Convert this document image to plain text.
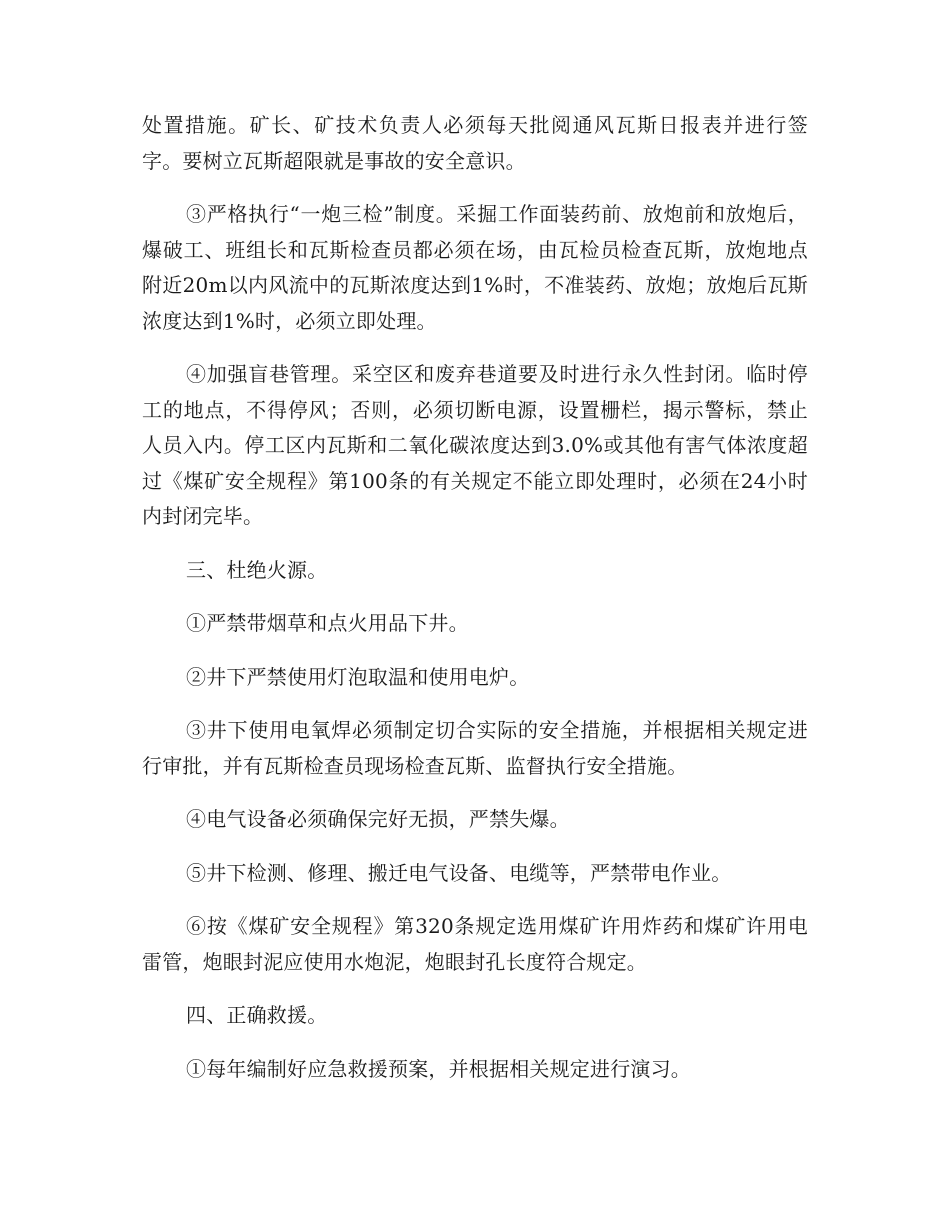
处置措施。矿长、矿技术负责人必须每天批阅通风瓦斯日报表并进行签字。要树立瓦斯超限就是事故的安全意识。

③严格执行“一炮三检”制度。采掘工作面装药前、放炮前和放炮后，爆破工、班组长和瓦斯检查员都必须在场，由瓦检员检查瓦斯，放炮地点附近20m以内风流中的瓦斯浓度达到1%时，不准装药、放炮；放炮后瓦斯浓度达到1%时，必须立即处理。

④加强盲巷管理。采空区和废弃巷道要及时进行永久性封闭。临时停工的地点，不得停风；否则，必须切断电源，设置栅栏，揭示警标，禁止人员入内。停工区内瓦斯和二氧化碳浓度达到3.0%或其他有害气体浓度超过《煤矿安全规程》第100条的有关规定不能立即处理时，必须在24小时内封闭完毕。

三、杜绝火源。

①严禁带烟草和点火用品下井。

②井下严禁使用灯泡取温和使用电炉。

③井下使用电氧焊必须制定切合实际的安全措施，并根据相关规定进行审批，并有瓦斯检查员现场检查瓦斯、监督执行安全措施。

④电气设备必须确保完好无损，严禁失爆。

⑤井下检测、修理、搬迁电气设备、电缆等，严禁带电作业。

⑥按《煤矿安全规程》第320条规定选用煤矿许用炸药和煤矿许用电雷管，炮眼封泥应使用水炮泥，炮眼封孔长度符合规定。

四、正确救援。

①每年编制好应急救援预案，并根据相关规定进行演习。
